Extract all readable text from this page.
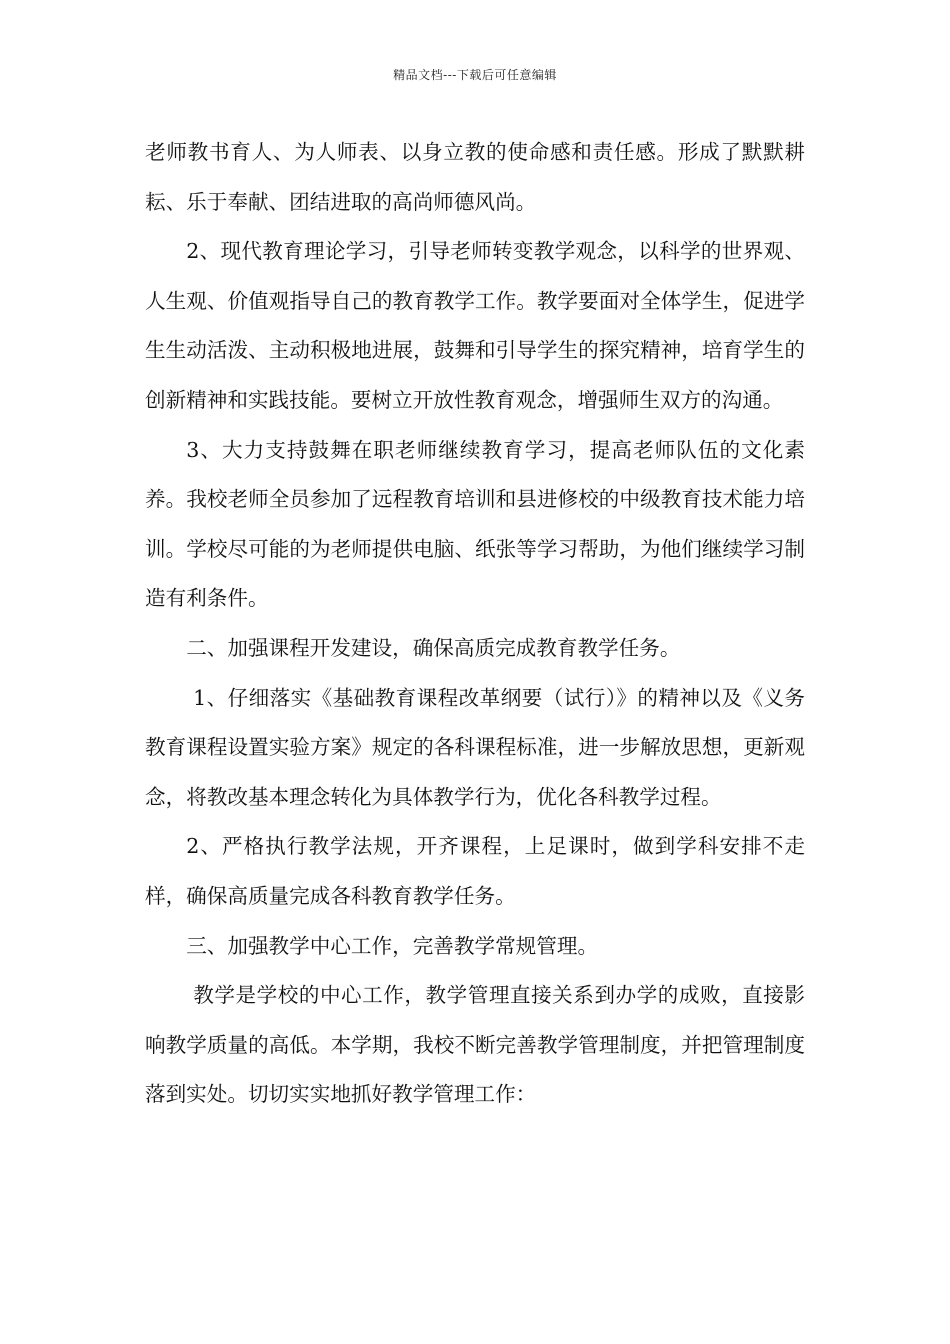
精品文档---下载后可任意编辑

老师教书育人、为人师表、以身立教的使命感和责任感。形成了默默耕耘、乐于奉献、团结进取的高尚师德风尚。

2、现代教育理论学习，引导老师转变教学观念，以科学的世界观、人生观、价值观指导自己的教育教学工作。教学要面对全体学生，促进学生生动活泼、主动积极地进展，鼓舞和引导学生的探究精神，培育学生的创新精神和实践技能。要树立开放性教育观念，增强师生双方的沟通。

3、大力支持鼓舞在职老师继续教育学习，提高老师队伍的文化素养。我校老师全员参加了远程教育培训和县进修校的中级教育技术能力培训。学校尽可能的为老师提供电脑、纸张等学习帮助，为他们继续学习制造有利条件。

二、加强课程开发建设，确保高质完成教育教学任务。

1、仔细落实《基础教育课程改革纲要（试行）》的精神以及《义务教育课程设置实验方案》规定的各科课程标准，进一步解放思想，更新观念，将教改基本理念转化为具体教学行为，优化各科教学过程。

2、严格执行教学法规，开齐课程，上足课时，做到学科安排不走样，确保高质量完成各科教育教学任务。

三、加强教学中心工作，完善教学常规管理。

教学是学校的中心工作，教学管理直接关系到办学的成败，直接影响教学质量的高低。本学期，我校不断完善教学管理制度，并把管理制度落到实处。切切实实地抓好教学管理工作：
